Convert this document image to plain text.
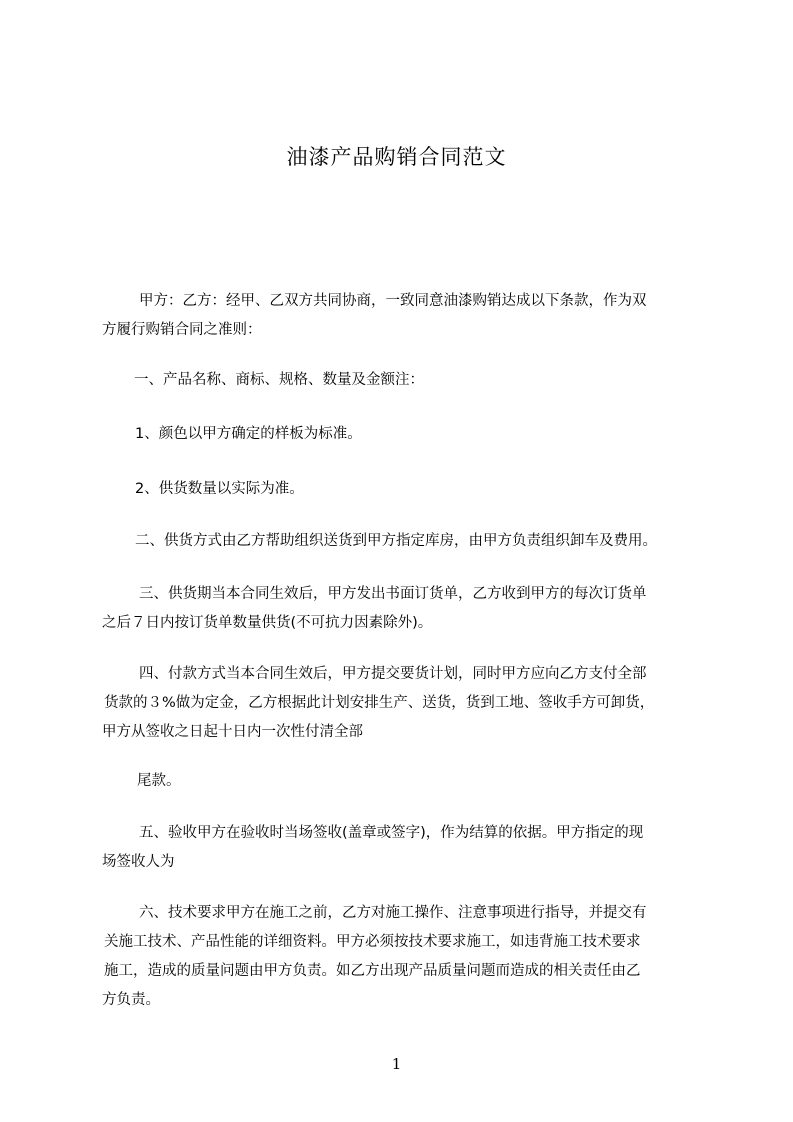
油漆产品购销合同范文
甲方：乙方：经甲、乙双方共同协商，一致同意油漆购销达成以下条款，作为双
方履行购销合同之准则：
一、产品名称、商标、规格、数量及金额注：
1、颜色以甲方确定的样板为标准。
2、供货数量以实际为准。
二、供货方式由乙方帮助组织送货到甲方指定库房，由甲方负责组织卸车及费用。
三、供货期当本合同生效后，甲方发出书面订货单，乙方收到甲方的每次订货单
之后７日内按订货单数量供货(不可抗力因素除外)。
四、付款方式当本合同生效后，甲方提交要货计划，同时甲方应向乙方支付全部
货款的３%做为定金，乙方根据此计划安排生产、送货，货到工地、签收手方可卸货，
甲方从签收之日起十日内一次性付清全部
尾款。
五、验收甲方在验收时当场签收(盖章或签字)，作为结算的依据。甲方指定的现
场签收人为
六、技术要求甲方在施工之前，乙方对施工操作、注意事项进行指导，并提交有
关施工技术、产品性能的详细资料。甲方必须按技术要求施工，如违背施工技术要求
施工，造成的质量问题由甲方负责。如乙方出现产品质量问题而造成的相关责任由乙
方负责。
1
